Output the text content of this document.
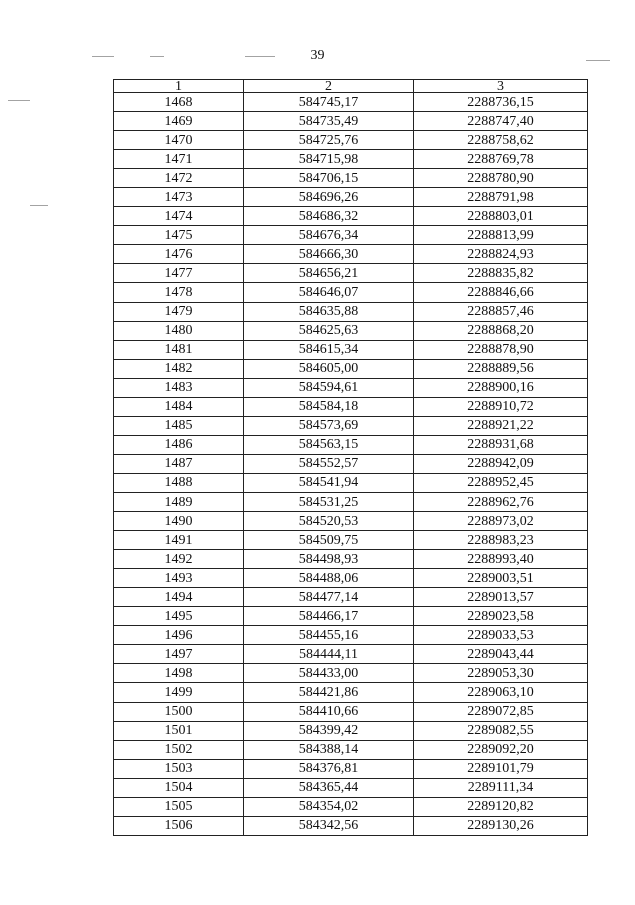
39
1	2	3
1468	584745,17	2288736,15
1469	584735,49	2288747,40
1470	584725,76	2288758,62
1471	584715,98	2288769,78
1472	584706,15	2288780,90
1473	584696,26	2288791,98
1474	584686,32	2288803,01
1475	584676,34	2288813,99
1476	584666,30	2288824,93
1477	584656,21	2288835,82
1478	584646,07	2288846,66
1479	584635,88	2288857,46
1480	584625,63	2288868,20
1481	584615,34	2288878,90
1482	584605,00	2288889,56
1483	584594,61	2288900,16
1484	584584,18	2288910,72
1485	584573,69	2288921,22
1486	584563,15	2288931,68
1487	584552,57	2288942,09
1488	584541,94	2288952,45
1489	584531,25	2288962,76
1490	584520,53	2288973,02
1491	584509,75	2288983,23
1492	584498,93	2288993,40
1493	584488,06	2289003,51
1494	584477,14	2289013,57
1495	584466,17	2289023,58
1496	584455,16	2289033,53
1497	584444,11	2289043,44
1498	584433,00	2289053,30
1499	584421,86	2289063,10
1500	584410,66	2289072,85
1501	584399,42	2289082,55
1502	584388,14	2289092,20
1503	584376,81	2289101,79
1504	584365,44	2289111,34
1505	584354,02	2289120,82
1506	584342,56	2289130,26
